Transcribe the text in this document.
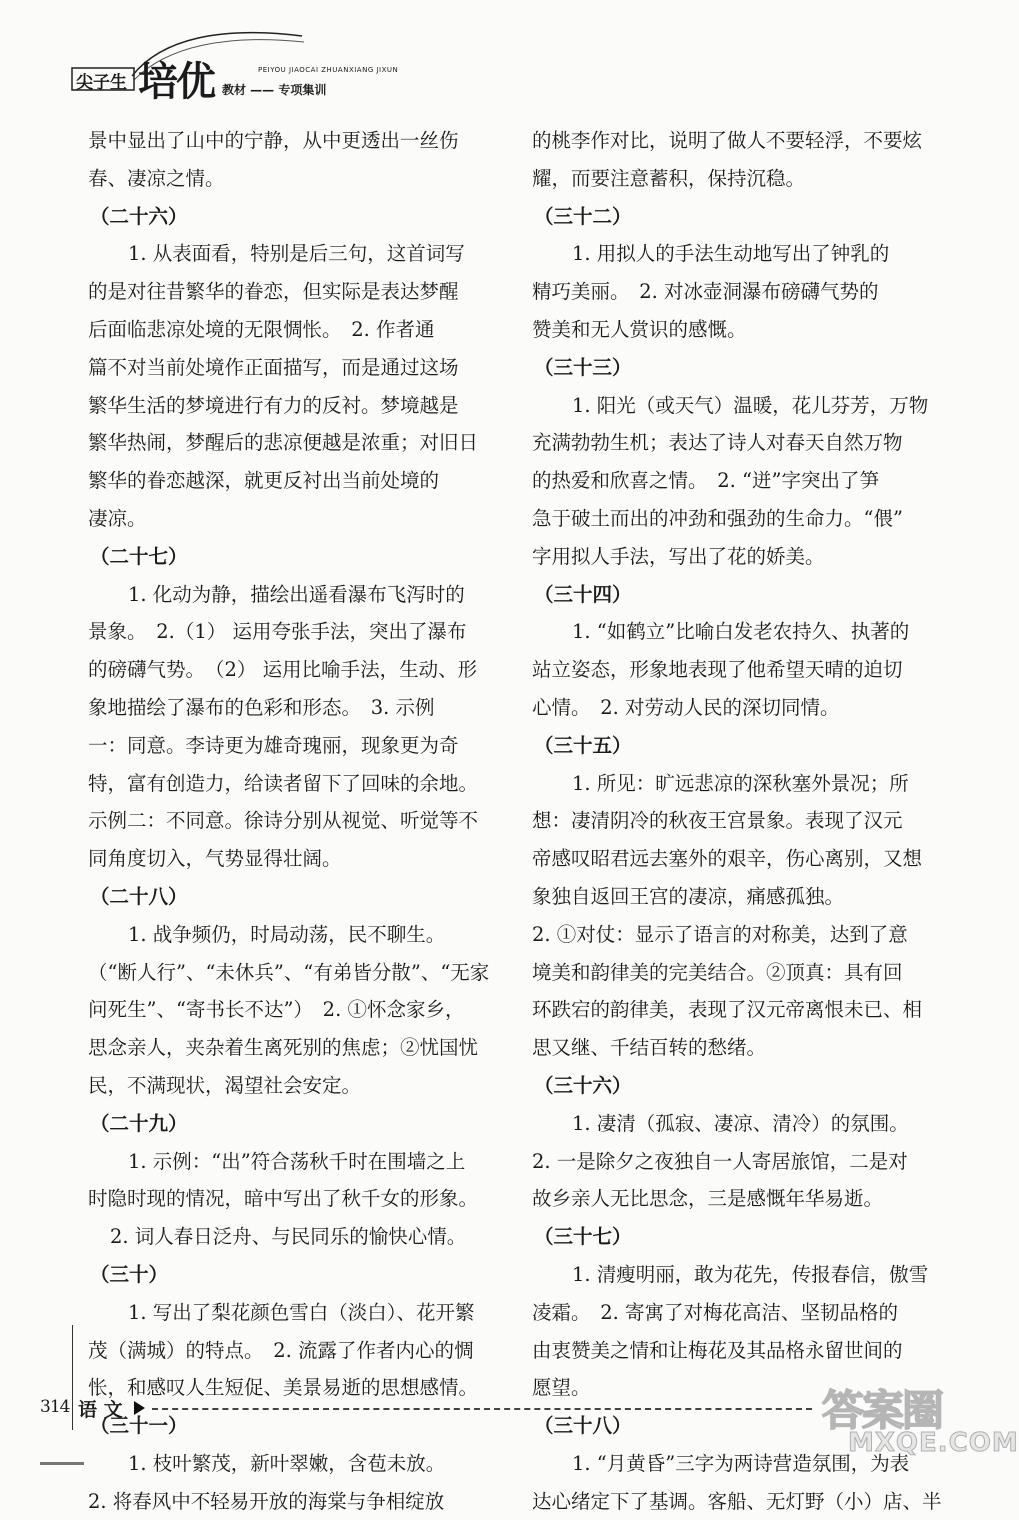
尖子生 培优	PEIYOU JIAOCAI ZHUANXIANG JIXUN
教材 —— 专项集训
景中显出了山中的宁静，从中更透出一丝伤
春、凄凉之情。
（二十六）
1. 从表面看，特别是后三句，这首词写
的是对往昔繁华的眷恋，但实际是表达梦醒
后面临悲凉处境的无限惆怅。　2. 作者通
篇不对当前处境作正面描写，而是通过这场
繁华生活的梦境进行有力的反衬。梦境越是
繁华热闹，梦醒后的悲凉便越是浓重；对旧日
繁华的眷恋越深，就更反衬出当前处境的
凄凉。
（二十七）
1. 化动为静，描绘出遥看瀑布飞泻时的
景象。　2.（1） 运用夸张手法，突出了瀑布
的磅礴气势。　（2） 运用比喻手法，生动、形
象地描绘了瀑布的色彩和形态。　3. 示例
一：同意。李诗更为雄奇瑰丽，现象更为奇
特，富有创造力，给读者留下了回味的余地。
示例二：不同意。徐诗分别从视觉、听觉等不
同角度切入，气势显得壮阔。
（二十八）
1. 战争频仍，时局动荡，民不聊生。
（“断人行”、“未休兵”、“有弟皆分散”、“无家
问死生”、“寄书长不达”）　2. ①怀念家乡，
思念亲人，夹杂着生离死别的焦虑；②忧国忧
民，不满现状，渴望社会安定。
（二十九）
1. 示例：“出”符合荡秋千时在围墙之上
时隐时现的情况，暗中写出了秋千女的形象。
2. 词人春日泛舟、与民同乐的愉快心情。
（三十）
1. 写出了梨花颜色雪白（淡白）、花开繁
茂（满城）的特点。　2. 流露了作者内心的惆
怅，和感叹人生短促、美景易逝的思想感情。
（三十一）
1. 枝叶繁茂，新叶翠嫩，含苞未放。
2. 将春风中不轻易开放的海棠与争相绽放
的桃李作对比，说明了做人不要轻浮，不要炫
耀，而要注意蓄积，保持沉稳。
（三十二）
1. 用拟人的手法生动地写出了钟乳的
精巧美丽。　2. 对冰壶洞瀑布磅礴气势的
赞美和无人赏识的感慨。
（三十三）
1. 阳光（或天气）温暖，花儿芬芳，万物
充满勃勃生机；表达了诗人对春天自然万物
的热爱和欣喜之情。　2. “迸”字突出了笋
急于破土而出的冲劲和强劲的生命力。“偎”
字用拟人手法，写出了花的娇美。
（三十四）
1. “如鹤立”比喻白发老农持久、执著的
站立姿态，形象地表现了他希望天晴的迫切
心情。　2. 对劳动人民的深切同情。
（三十五）
1. 所见：旷远悲凉的深秋塞外景况；所
想：凄清阴冷的秋夜王宫景象。表现了汉元
帝感叹昭君远去塞外的艰辛，伤心离别，又想
象独自返回王宫的凄凉，痛感孤独。
2. ①对仗：显示了语言的对称美，达到了意
境美和韵律美的完美结合。②顶真：具有回
环跌宕的韵律美，表现了汉元帝离恨未已、相
思又继、千结百转的愁绪。
（三十六）
1. 凄清（孤寂、凄凉、清冷）的氛围。
2. 一是除夕之夜独自一人寄居旅馆，二是对
故乡亲人无比思念，三是感慨年华易逝。
（三十七）
1. 清瘦明丽，敢为花先，传报春信，傲雪
凌霜。　2. 寄寓了对梅花高洁、坚韧品格的
由衷赞美之情和让梅花及其品格永留世间的
愿望。
（三十八）
1. “月黄昏”三字为两诗营造氛围，为表
达心绪定下了基调。客船、无灯野（小）店、半
314 语 文	答案圈
MXQE.COM
